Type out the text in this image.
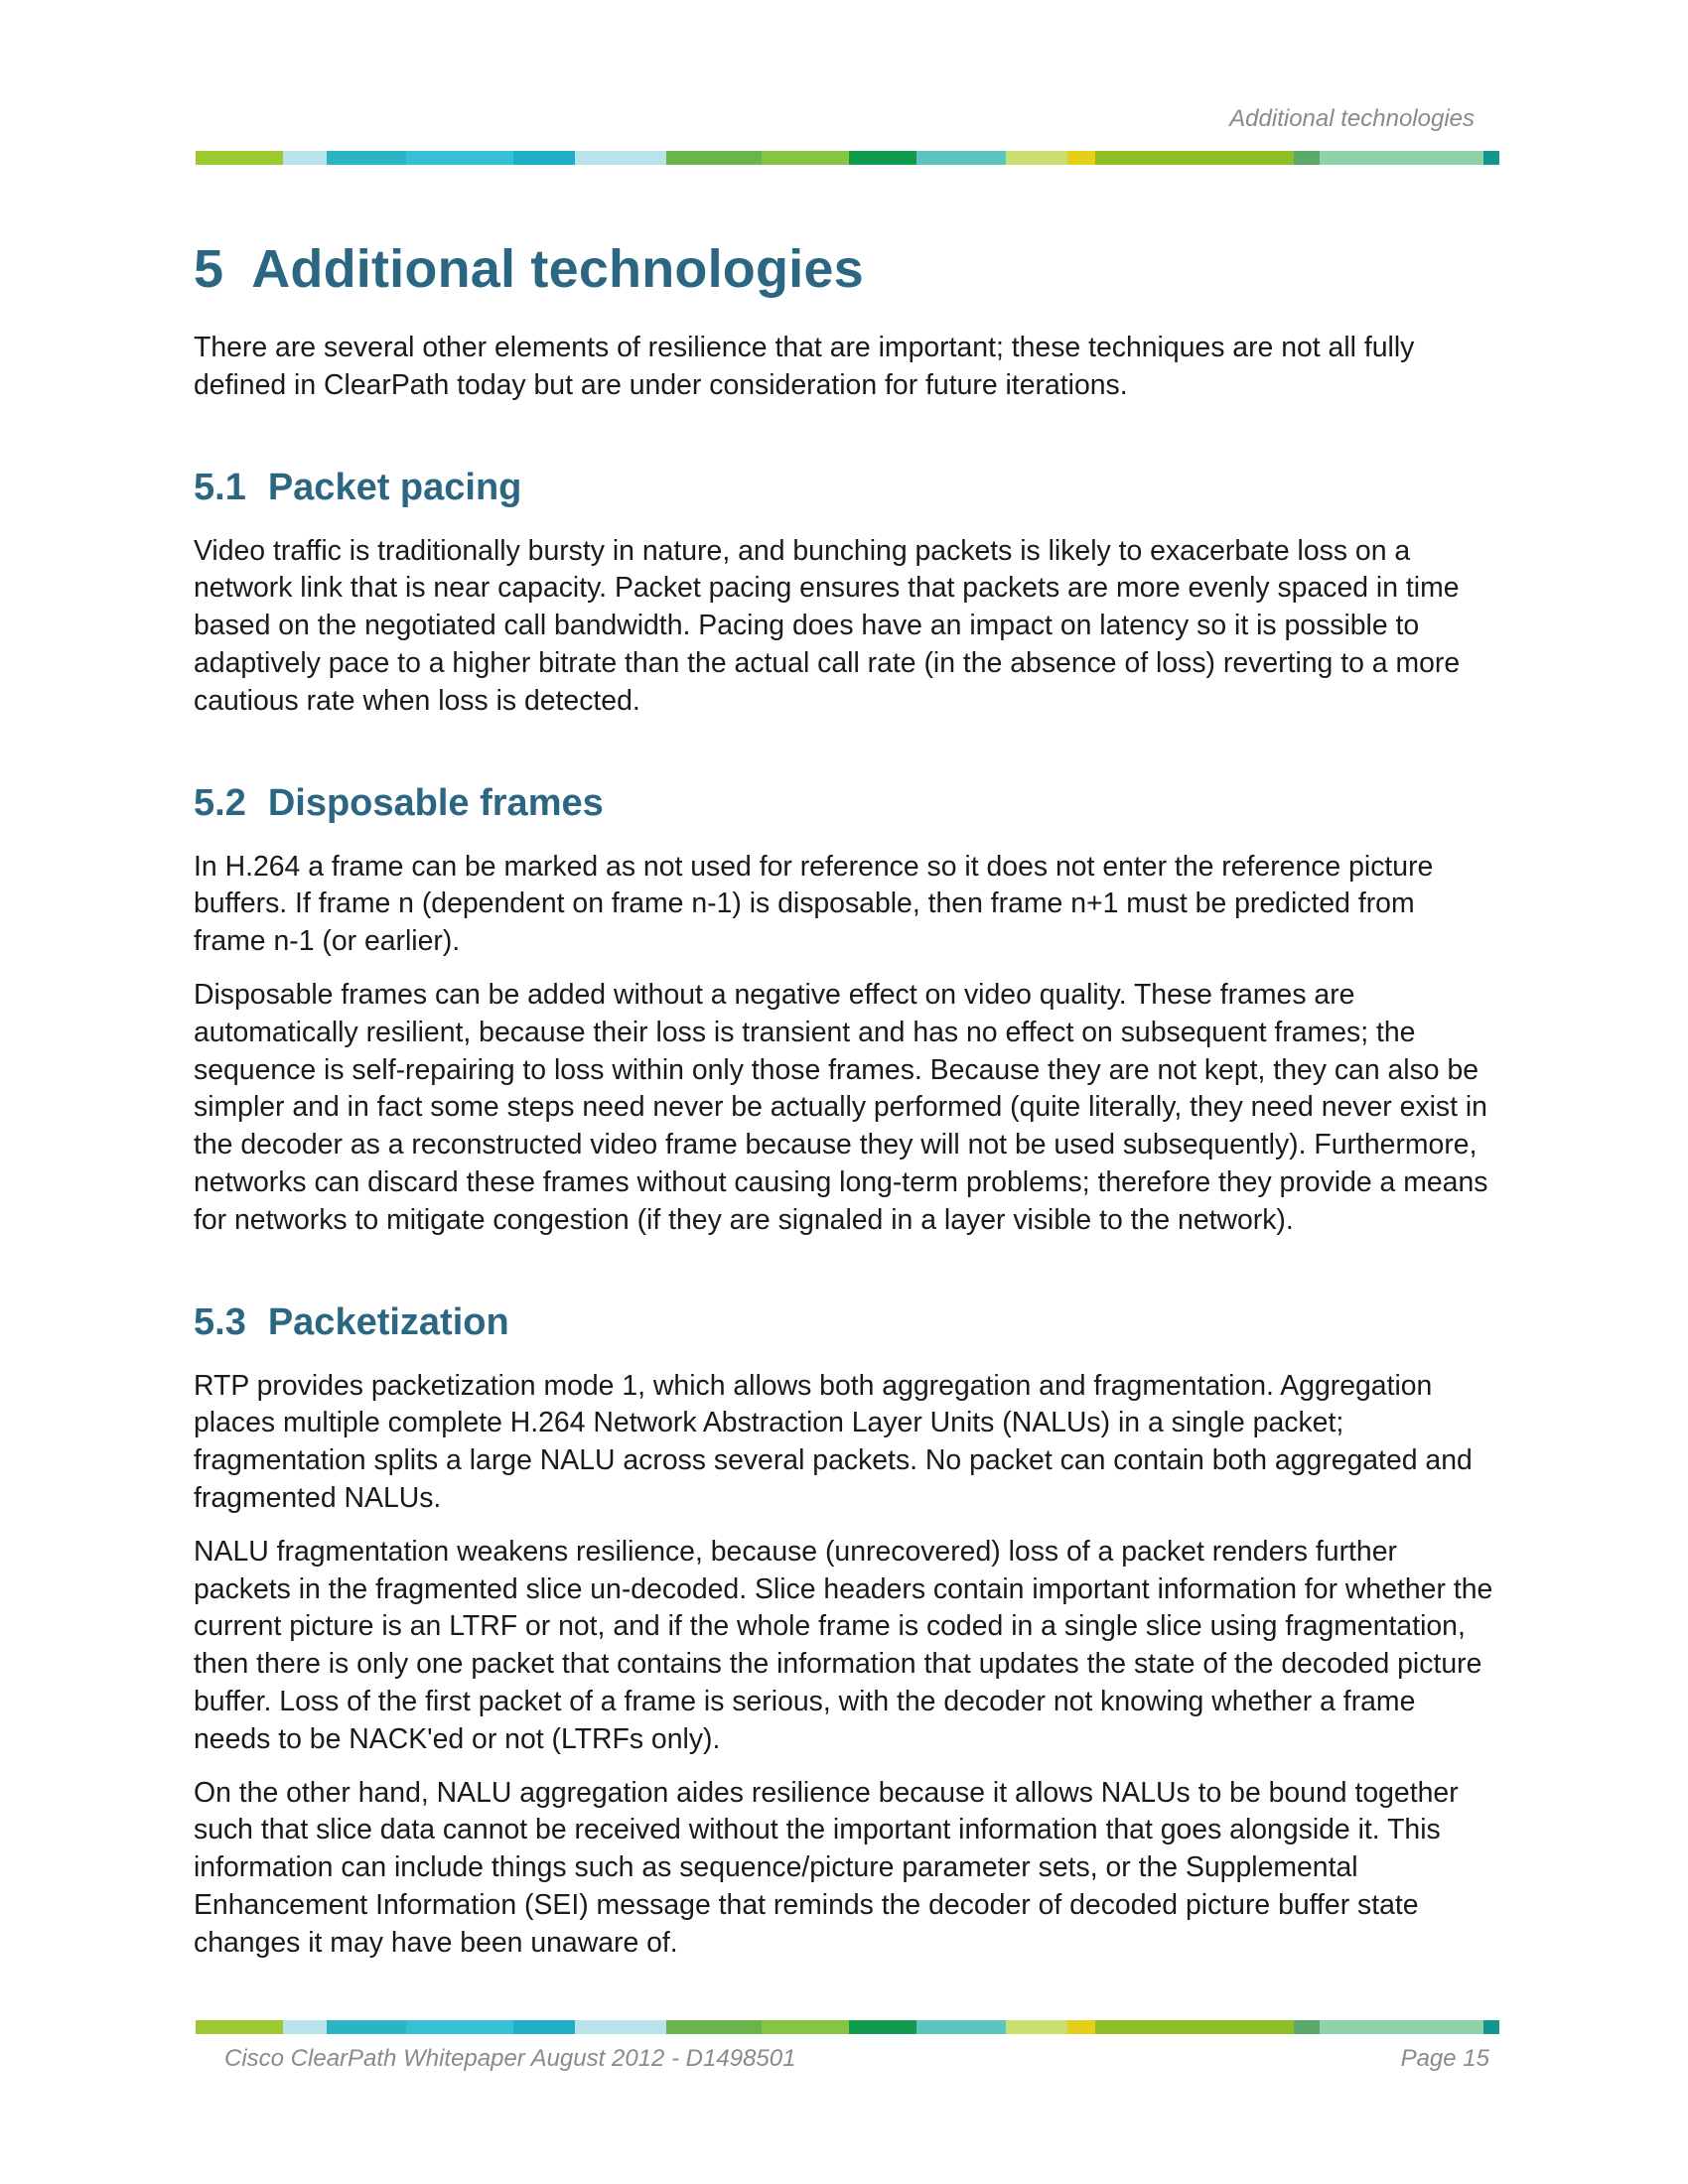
Additional technologies
5 Additional technologies

There are several other elements of resilience that are important; these techniques are not all fully defined in ClearPath today but are under consideration for future iterations.

5.1 Packet pacing

Video traffic is traditionally bursty in nature, and bunching packets is likely to exacerbate loss on a network link that is near capacity. Packet pacing ensures that packets are more evenly spaced in time based on the negotiated call bandwidth. Pacing does have an impact on latency so it is possible to adaptively pace to a higher bitrate than the actual call rate (in the absence of loss) reverting to a more cautious rate when loss is detected.

5.2 Disposable frames

In H.264 a frame can be marked as not used for reference so it does not enter the reference picture buffers. If frame n (dependent on frame n-1) is disposable, then frame n+1 must be predicted from frame n-1 (or earlier).

Disposable frames can be added without a negative effect on video quality. These frames are automatically resilient, because their loss is transient and has no effect on subsequent frames; the sequence is self-repairing to loss within only those frames. Because they are not kept, they can also be simpler and in fact some steps need never be actually performed (quite literally, they need never exist in the decoder as a reconstructed video frame because they will not be used subsequently). Furthermore, networks can discard these frames without causing long-term problems; therefore they provide a means for networks to mitigate congestion (if they are signaled in a layer visible to the network).

5.3 Packetization

RTP provides packetization mode 1, which allows both aggregation and fragmentation. Aggregation places multiple complete H.264 Network Abstraction Layer Units (NALUs) in a single packet; fragmentation splits a large NALU across several packets. No packet can contain both aggregated and fragmented NALUs.

NALU fragmentation weakens resilience, because (unrecovered) loss of a packet renders further packets in the fragmented slice un-decoded. Slice headers contain important information for whether the current picture is an LTRF or not, and if the whole frame is coded in a single slice using fragmentation, then there is only one packet that contains the information that updates the state of the decoded picture buffer. Loss of the first packet of a frame is serious, with the decoder not knowing whether a frame needs to be NACK'ed or not (LTRFs only).

On the other hand, NALU aggregation aides resilience because it allows NALUs to be bound together such that slice data cannot be received without the important information that goes alongside it. This information can include things such as sequence/picture parameter sets, or the Supplemental Enhancement Information (SEI) message that reminds the decoder of decoded picture buffer state changes it may have been unaware of.

Cisco ClearPath Whitepaper August 2012 - D1498501	Page 15
